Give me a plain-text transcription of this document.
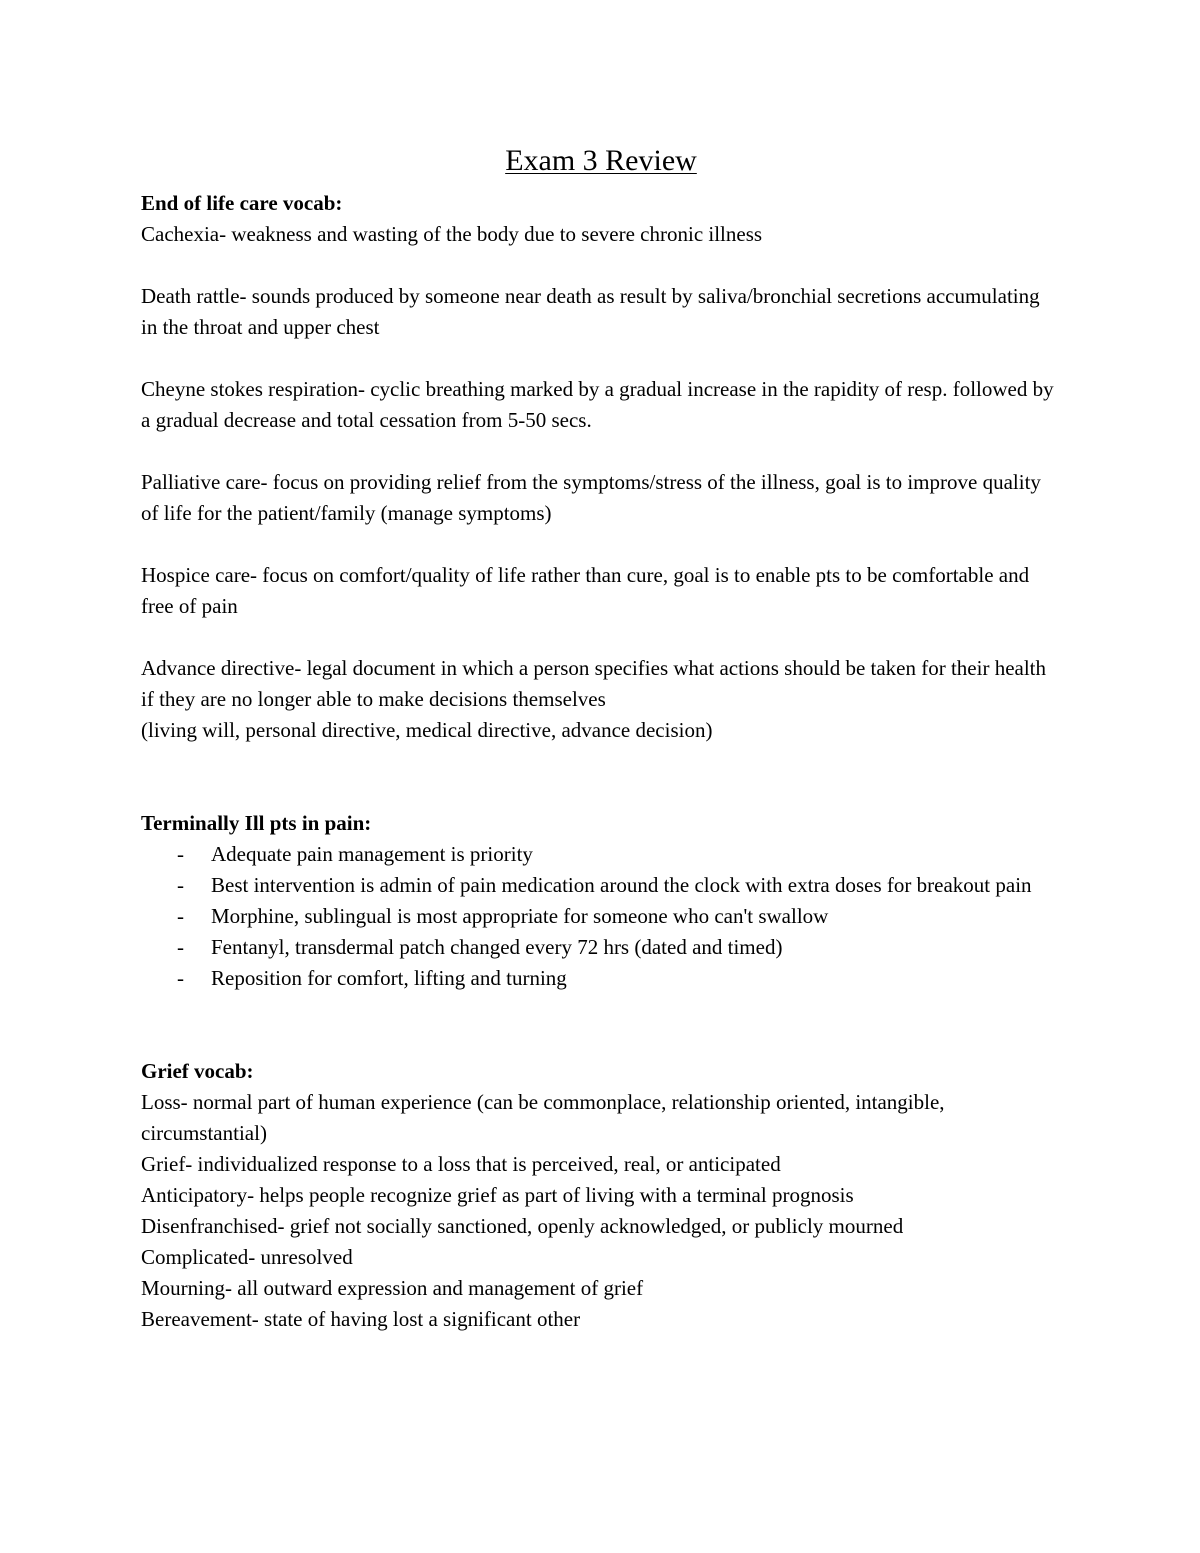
Exam 3 Review

End of life care vocab:

Cachexia- weakness and wasting of the body due to severe chronic illness

Death rattle- sounds produced by someone near death as result by saliva/bronchial secretions accumulating in the throat and upper chest

Cheyne stokes respiration- cyclic breathing marked by a gradual increase in the rapidity of resp. followed by a gradual decrease and total cessation from 5-50 secs.

Palliative care- focus on providing relief from the symptoms/stress of the illness, goal is to improve quality of life for the patient/family (manage symptoms)

Hospice care- focus on comfort/quality of life rather than cure, goal is to enable pts to be comfortable and free of pain

Advance directive- legal document in which a person specifies what actions should be taken for their health if they are no longer able to make decisions themselves

(living will, personal directive, medical directive, advance decision)

Terminally Ill pts in pain:

- Adequate pain management is priority
- Best intervention is admin of pain medication around the clock with extra doses for breakout pain
- Morphine, sublingual is most appropriate for someone who can't swallow
- Fentanyl, transdermal patch changed every 72 hrs (dated and timed)
- Reposition for comfort, lifting and turning

Grief vocab:

Loss- normal part of human experience (can be commonplace, relationship oriented, intangible, circumstantial)

Grief- individualized response to a loss that is perceived, real, or anticipated

Anticipatory- helps people recognize grief as part of living with a terminal prognosis

Disenfranchised- grief not socially sanctioned, openly acknowledged, or publicly mourned

Complicated- unresolved

Mourning- all outward expression and management of grief

Bereavement- state of having lost a significant other
